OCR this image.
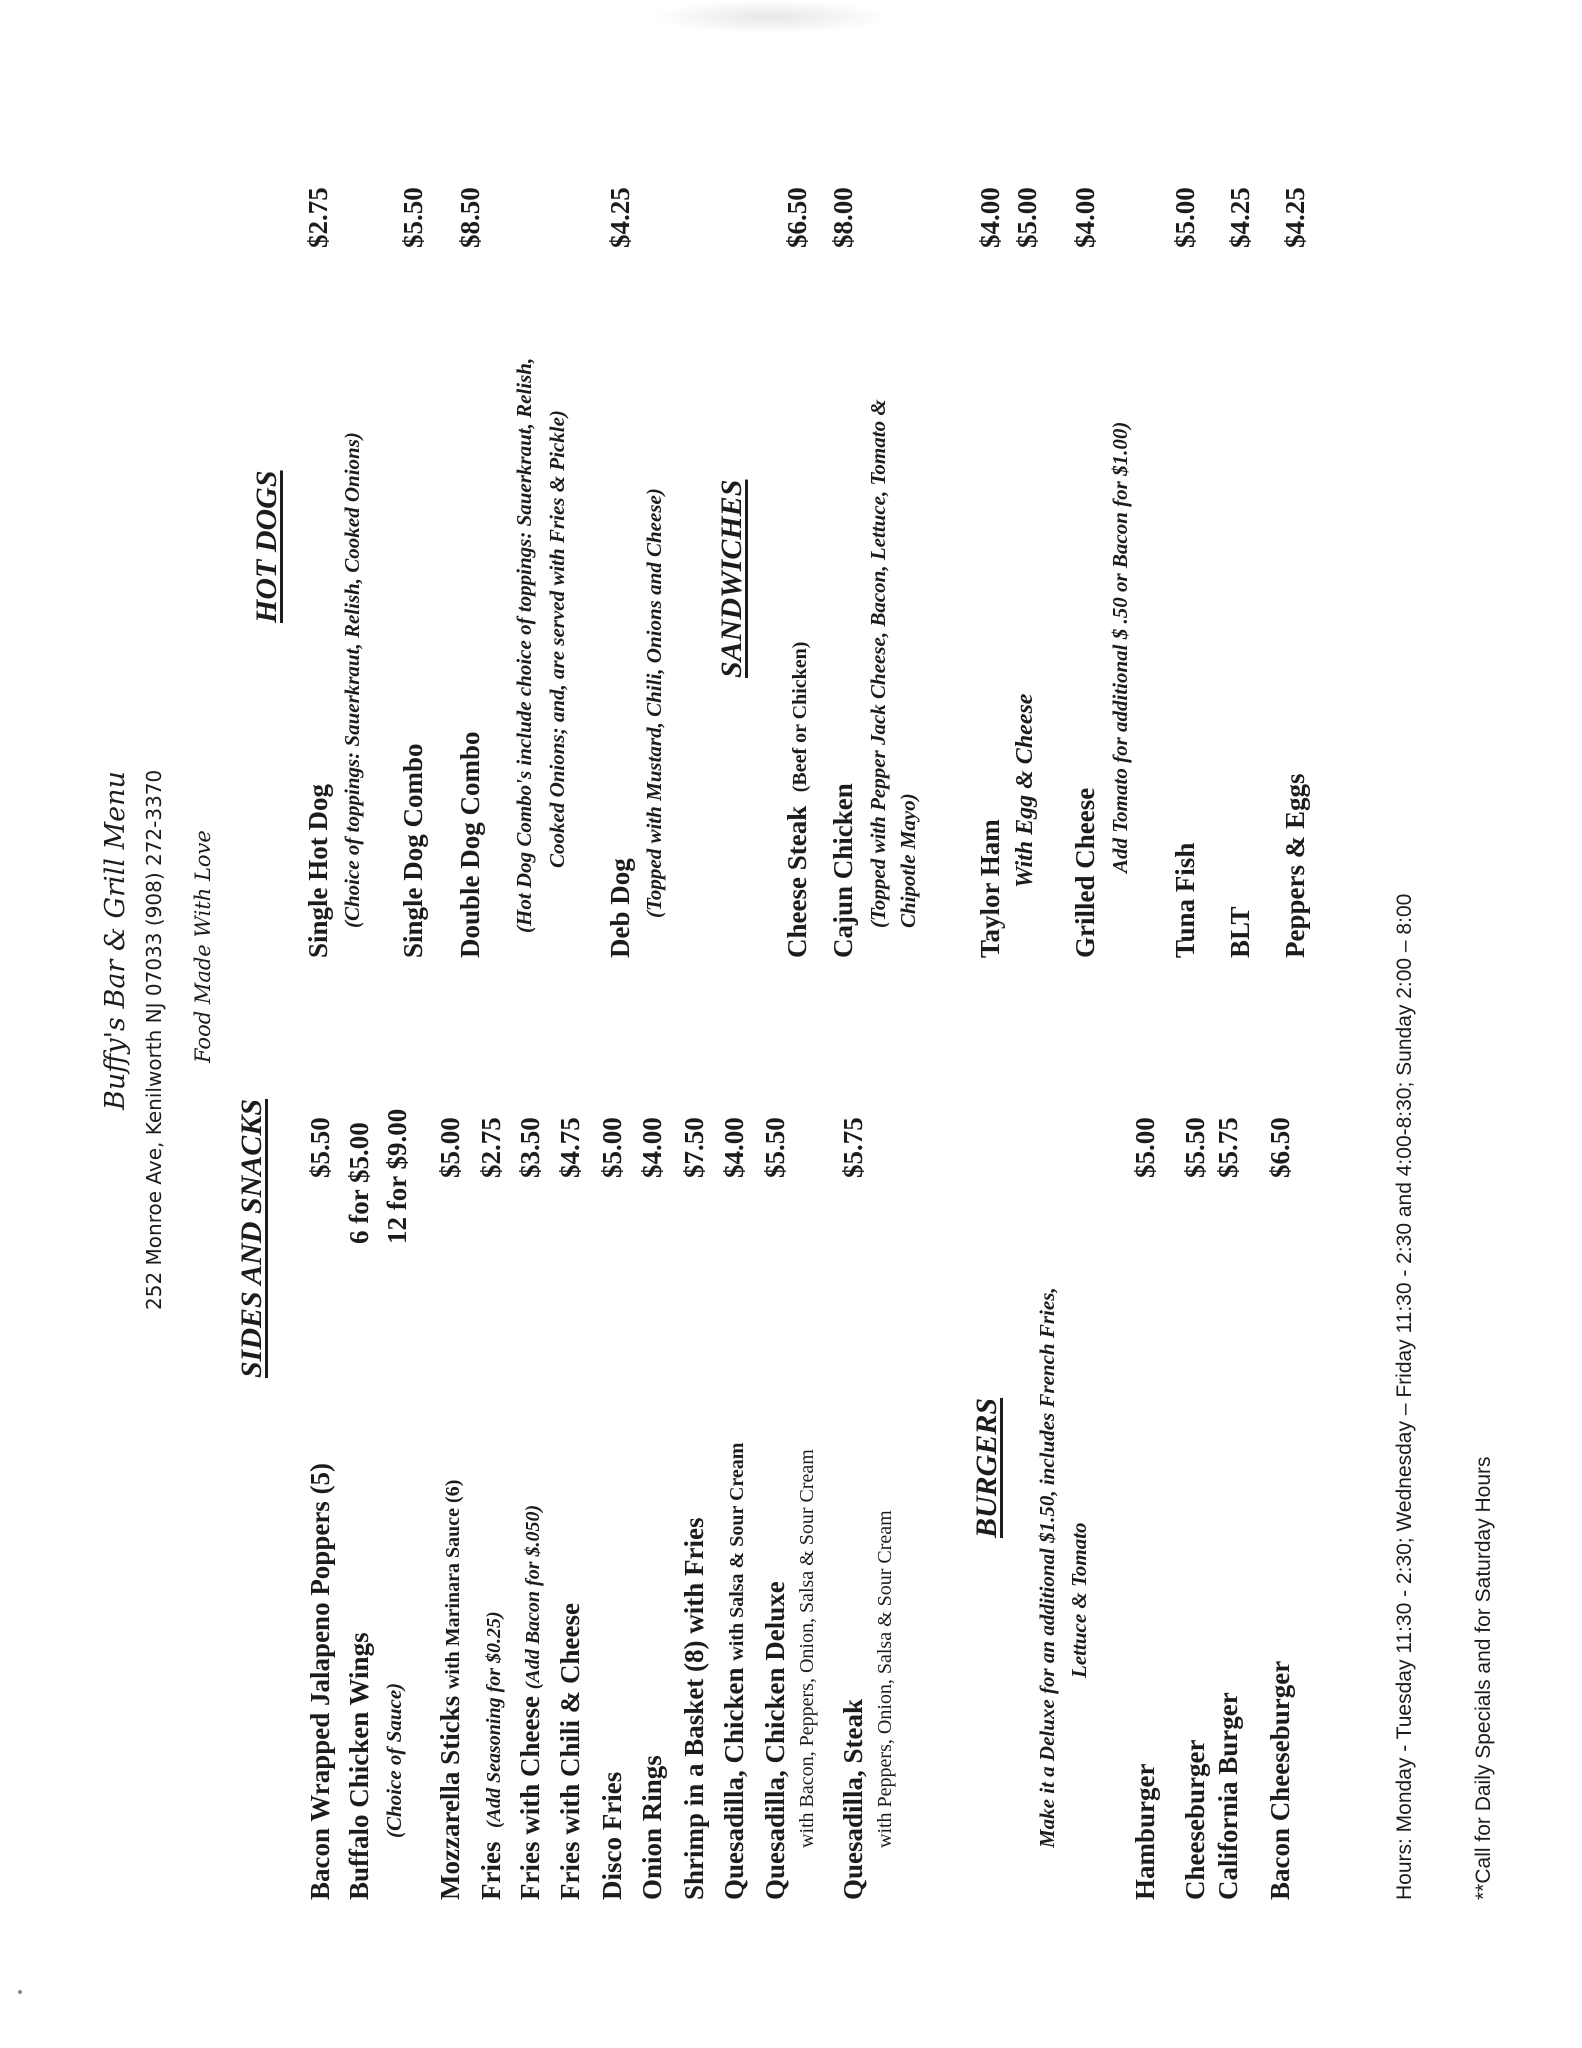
Buffy's Bar & Grill Menu 252 Monroe Ave, Kenilworth NJ 07033 (908) 272-3370 Food Made With Love
SIDES AND SNACKS
Bacon Wrapped Jalapeno Poppers (5)
$5.50
Buffalo Chicken Wings
6 for $5.00
(Choice of Sauce)
12 for $9.00
Mozzarella Sticks with Marinara Sauce (6)
$5.00
Fries  (Add Seasoning for $0.25)
$2.75
Fries with Cheese (Add Bacon for $.050)
$3.50
Fries with Chili & Cheese
$4.75
Disco Fries
$5.00
Onion Rings
$4.00
Shrimp in a Basket (8) with Fries
$7.50
Quesadilla, Chicken with Salsa & Sour Cream
$4.00
Quesadilla, Chicken Deluxe with Bacon, Peppers, Onion, Salsa & Sour Cream
$5.50
Quesadilla, Steak with Peppers, Onion, Salsa & Sour Cream
$5.75
BURGERS Make it a Deluxe for an additional $1.50, includes French Fries, Lettuce & Tomato
Hamburger
$5.00
Cheeseburger
$5.50
California Burger
$5.75
Bacon Cheeseburger
$6.50
HOT DOGS
Single Hot Dog
$2.75
(Choice of toppings: Sauerkraut, Relish, Cooked Onions) Single Dog Combo
$5.50
Double Dog Combo
$8.50
(Hot Dog Combo's include choice of toppings: Sauerkraut, Relish, Cooked Onions; and, are served with Fries & Pickle)
Deb Dog
$4.25
(Topped with Mustard, Chili, Onions and Cheese) SANDWICHES
Cheese Steak  (Beef or Chicken)
$6.50
Cajun Chicken
$8.00
(Topped with Pepper Jack Cheese, Bacon, Lettuce, Tomato & Chipotle Mayo) Taylor Ham
$4.00
With Egg & Cheese
$5.00
Grilled Cheese
$4.00
Add Tomato for additional $ .50 or Bacon for $1.00)
Tuna Fish
$5.00
BLT
$4.25
Peppers & Eggs
$4.25
Hours: Monday - Tuesday 11:30 - 2:30; Wednesday – Friday 11:30 - 2:30 and 4:00-8:30; Sunday 2:00 – 8:00	**Call for Daily Specials and for Saturday Hours
